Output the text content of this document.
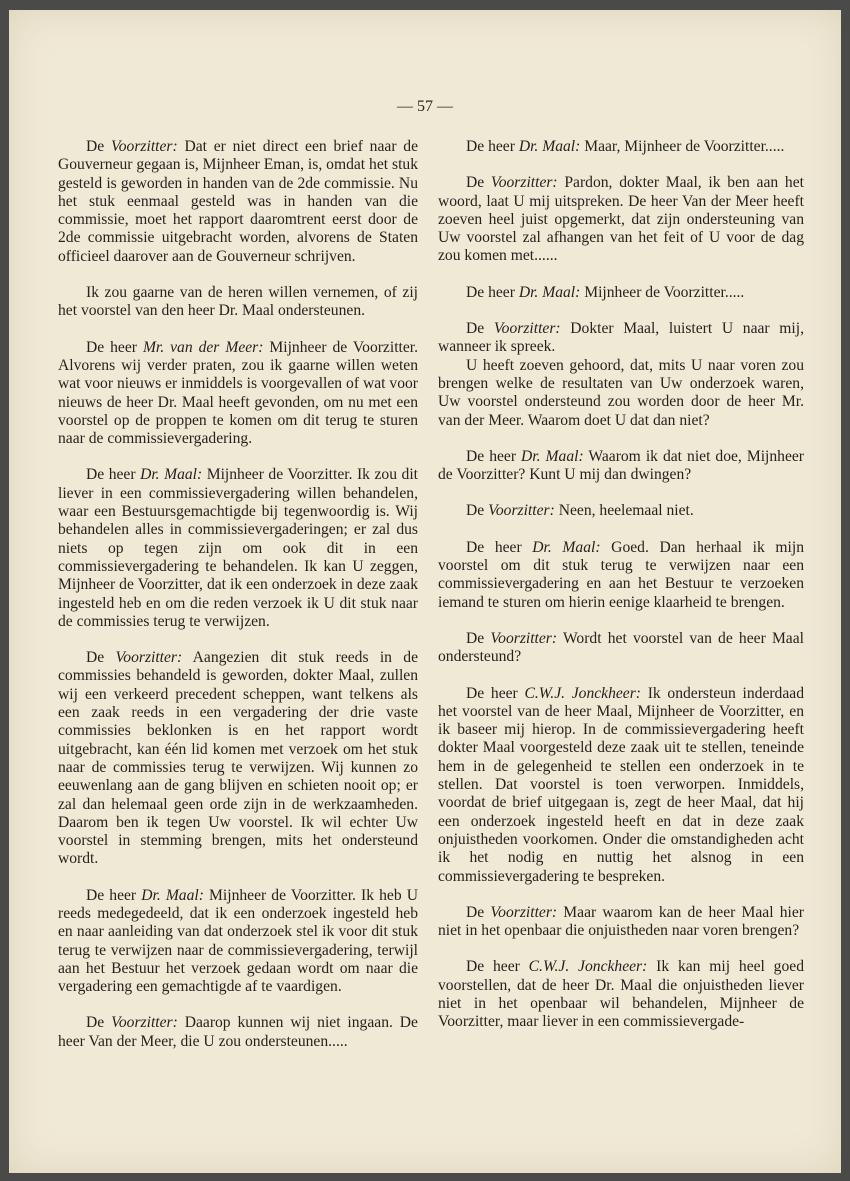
— 57 —

De Voorzitter: Dat er niet direct een brief naar de Gouverneur gegaan is, Mijnheer Eman, is, omdat het stuk gesteld is geworden in handen van de 2de commissie. Nu het stuk eenmaal gesteld was in handen van die commissie, moet het rapport daaromtrent eerst door de 2de commissie uitgebracht worden, alvorens de Staten officieel daarover aan de Gouverneur schrijven.

Ik zou gaarne van de heren willen vernemen, of zij het voorstel van den heer Dr. Maal ondersteunen.

De heer Mr. van der Meer: Mijnheer de Voorzitter. Alvorens wij verder praten, zou ik gaarne willen weten wat voor nieuws er inmiddels is voorgevallen of wat voor nieuws de heer Dr. Maal heeft gevonden, om nu met een voorstel op de proppen te komen om dit terug te sturen naar de commissievergadering.

De heer Dr. Maal: Mijnheer de Voorzitter. Ik zou dit liever in een commissievergadering willen behandelen, waar een Bestuursgemachtigde bij tegenwoordig is. Wij behandelen alles in commissievergaderingen; er zal dus niets op tegen zijn om ook dit in een commissievergadering te behandelen. Ik kan U zeggen, Mijnheer de Voorzitter, dat ik een onderzoek in deze zaak ingesteld heb en om die reden verzoek ik U dit stuk naar de commissies terug te verwijzen.

De Voorzitter: Aangezien dit stuk reeds in de commissies behandeld is geworden, dokter Maal, zullen wij een verkeerd precedent scheppen, want telkens als een zaak reeds in een vergadering der drie vaste commissies beklonken is en het rapport wordt uitgebracht, kan één lid komen met verzoek om het stuk naar de commissies terug te verwijzen. Wij kunnen zo eeuwenlang aan de gang blijven en schieten nooit op; er zal dan helemaal geen orde zijn in de werkzaamheden. Daarom ben ik tegen Uw voorstel. Ik wil echter Uw voorstel in stemming brengen, mits het ondersteund wordt.

De heer Dr. Maal: Mijnheer de Voorzitter. Ik heb U reeds medegedeeld, dat ik een onderzoek ingesteld heb en naar aanleiding van dat onderzoek stel ik voor dit stuk terug te verwijzen naar de commissievergadering, terwijl aan het Bestuur het verzoek gedaan wordt om naar die vergadering een gemachtigde af te vaardigen.

De Voorzitter: Daarop kunnen wij niet ingaan. De heer Van der Meer, die U zou ondersteunen.....

De heer Dr. Maal: Maar, Mijnheer de Voorzitter.....

De Voorzitter: Pardon, dokter Maal, ik ben aan het woord, laat U mij uitspreken. De heer Van der Meer heeft zoeven heel juist opgemerkt, dat zijn ondersteuning van Uw voorstel zal afhangen van het feit of U voor de dag zou komen met......

De heer Dr. Maal: Mijnheer de Voorzitter.....

De Voorzitter: Dokter Maal, luistert U naar mij, wanneer ik spreek.

U heeft zoeven gehoord, dat, mits U naar voren zou brengen welke de resultaten van Uw onderzoek waren, Uw voorstel ondersteund zou worden door de heer Mr. van der Meer. Waarom doet U dat dan niet?

De heer Dr. Maal: Waarom ik dat niet doe, Mijnheer de Voorzitter? Kunt U mij dan dwingen?

De Voorzitter: Neen, heelemaal niet.

De heer Dr. Maal: Goed. Dan herhaal ik mijn voorstel om dit stuk terug te verwijzen naar een commissievergadering en aan het Bestuur te verzoeken iemand te sturen om hierin eenige klaarheid te brengen.

De Voorzitter: Wordt het voorstel van de heer Maal ondersteund?

De heer C.W.J. Jonckheer: Ik ondersteun inderdaad het voorstel van de heer Maal, Mijnheer de Voorzitter, en ik baseer mij hierop. In de commissievergadering heeft dokter Maal voorgesteld deze zaak uit te stellen, teneinde hem in de gelegenheid te stellen een onderzoek in te stellen. Dat voorstel is toen verworpen. Inmiddels, voordat de brief uitgegaan is, zegt de heer Maal, dat hij een onderzoek ingesteld heeft en dat in deze zaak onjuistheden voorkomen. Onder die omstandigheden acht ik het nodig en nuttig het alsnog in een commissievergadering te bespreken.

De Voorzitter: Maar waarom kan de heer Maal hier niet in het openbaar die onjuistheden naar voren brengen?

De heer C.W.J. Jonckheer: Ik kan mij heel goed voorstellen, dat de heer Dr. Maal die onjuistheden liever niet in het openbaar wil behandelen, Mijnheer de Voorzitter, maar liever in een commissievergade-
